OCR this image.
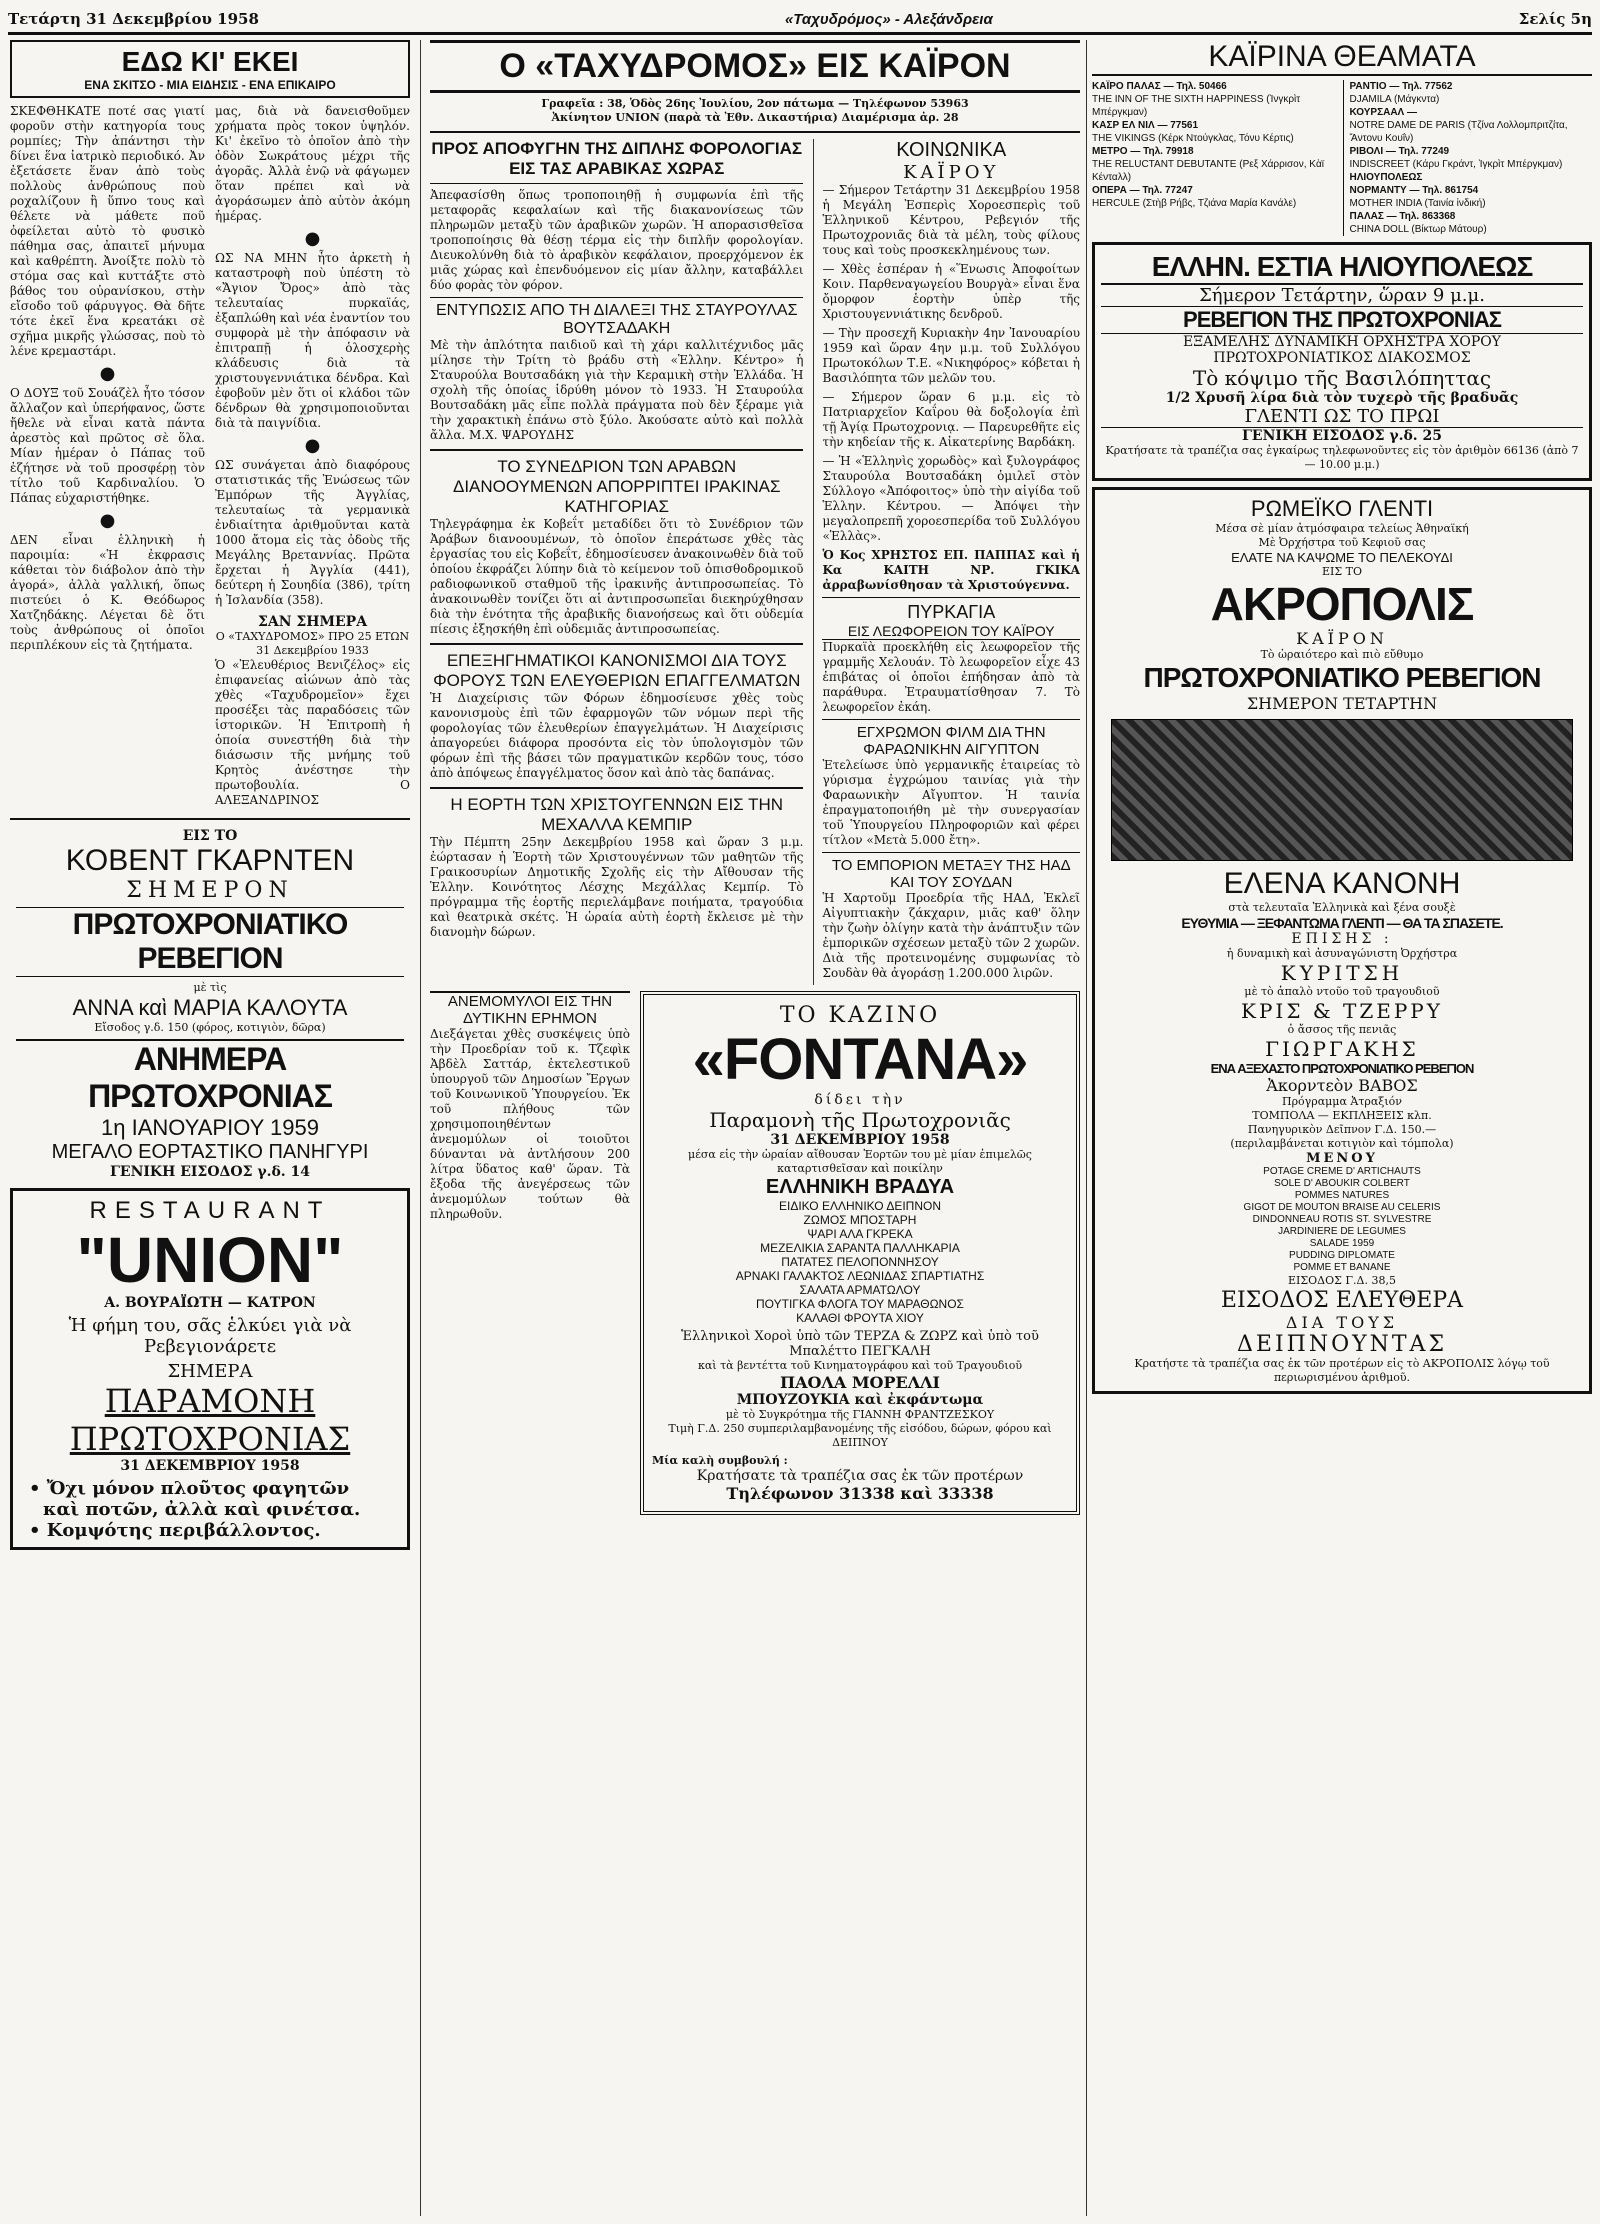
Τετάρτη 31 Δεκεμβρίου 1958	«Ταχυδρόμος» - Αλεξάνδρεια	Σελίς 5η
ΕΔΩ ΚΙ' ΕΚΕΙ
ΕΝΑ ΣΚΙΤΣΟ - ΜΙΑ ΕΙΔΗΣΙΣ - ΕΝΑ ΕΠΙΚΑΙΡΟ

ΣΚΕΦΘΗΚΑΤΕ ποτέ σας γιατί φοροῦν στὴν κατηγορία τους ρομπίες; Τὴν ἀπάντησι τὴν δίνει ἕνα ἰατρικὸ περιοδικό. Ἀν ἐξετάσετε ἕναν ἀπὸ τοὺς πολλοὺς ἀνθρώπους ποὺ ροχαλίζουν ἢ ὕπνο τους καὶ θέλετε νὰ μάθετε ποῦ ὀφείλεται αὐτὸ τὸ φυσικὸ πάθημα σας, ἀπαιτεῖ μήνυμα καὶ καθρέπτη. Ἀνοίξτε πολὺ τὸ στόμα σας καὶ κυττάξτε στὸ βάθος του οὐρανίσκου, στὴν εἴσοδο τοῦ φάρυγγος. Θὰ δῆτε τότε ἐκεῖ ἕνα κρεατάκι σὲ σχῆμα μικρῆς γλώσσας, ποὺ τὸ λένε κρεμαστάρι.

●

Ο ΔΟΥΞ τοῦ Σουάζὲλ ἦτο τόσον ἄλλαζον καὶ ὑπερήφανος, ὥστε ἤθελε νὰ εἶναι κατὰ πάντα ἀρεστὸς καὶ πρῶτος σὲ ὅλα. Μίαν ἡμέραν ὁ Πάπας τοῦ ἐζήτησε νὰ τοῦ προσφέρῃ τὸν τίτλο τοῦ Καρδιναλίου. Ὁ Πάπας εὐχαριστήθηκε.

●

ΔΕΝ εἶναι ἑλληνικὴ ἡ παροιμία: «Ἡ ἐκφρασις κάθεται τὸν διάβολον ἀπὸ τὴν ἀγορά», ἀλλὰ γαλλική, ὅπως πιστεύει ὁ Κ. Θεόδωρος Χατζηδάκης. Λέγεται δὲ ὅτι τοὺς ἀνθρώπους οἱ ὁποῖοι περιπλέκουν εἰς τὰ ζητήματα.

μας, διὰ νὰ δανεισθοῦμεν χρήματα πρὸς τοκον ὑψηλόν. Κι' ἐκεῖνο τὸ ὁποῖον ἀπὸ τὴν ὁδὸν Σωκράτους μέχρι τῆς ἀγορᾶς. Ἀλλὰ ἐνῷ νὰ φάγωμεν ὅταν πρέπει καὶ νὰ ἀγοράσωμεν ἀπὸ αὐτὸν ἀκόμη ἡμέρας.

●

ΩΣ ΝΑ ΜΗΝ ἦτο ἀρκετὴ ἡ καταστροφὴ ποὺ ὑπέστη τὸ «Ἄγιον Ὄρος» ἀπὸ τὰς τελευταίας πυρκαϊάς, ἐξαπλώθη καὶ νέα ἐναντίον του συμφορὰ μὲ τὴν ἀπόφασιν νὰ ἐπιτραπῇ ἡ ὁλοσχερὴς κλάδευσις διὰ τὰ χριστουγεννιάτικα δένδρα. Καὶ ἐφοβοῦν μὲν ὅτι οἱ κλάδοι τῶν δένδρων θὰ χρησιμοποιοῦνται διὰ τὰ παιγνίδια.

●

ΩΣ συνάγεται ἀπὸ διαφόρους στατιστικάς τῆς Ἐνώσεως τῶν Ἐμπόρων τῆς Ἀγγλίας, τελευταίως τὰ γερμανικὰ ἐνδιαίτητα ἀριθμοῦνται κατὰ 1000 ἄτομα εἰς τὰς ὀδοὺς τῆς Μεγάλης Βρεταννίας. Πρῶτα ἔρχεται ἡ Ἀγγλία (441), δεύτερη ἡ Σουηδία (386), τρίτη ἡ Ἰσλανδία (358).

ΣΑΝ ΣΗΜΕΡΑ
Ο «ΤΑΧΥΔΡΟΜΟΣ» ΠΡΟ 25 ΕΤΩΝ
31 Δεκεμβρίου 1933

Ὁ «Ἐλευθέριος Βενιζέλος» εἰς ἐπιφανείας αἰώνων ἀπὸ τὰς χθὲς «Ταχυδρομεῖον» ἔχει προσέξει τὰς παραδόσεις τῶν ἱστορικῶν. Ἡ Ἐπιτροπὴ ἡ ὁποία συνεστήθη διὰ τὴν διάσωσιν τῆς μνήμης τοῦ Κρητὸς ἀνέστησε τὴν πρωτοβουλία. Ο ΑΛΕΞΑΝΔΡΙΝΟΣ

ΕΙΣ ΤΟ
ΚΟΒΕΝΤ ΓΚΑΡΝΤΕΝ
ΣΗΜΕΡΟΝ
ΠΡΩΤΟΧΡΟΝΙΑΤΙΚΟ ΡΕΒΕΓΙΟΝ
μὲ τὶς
ΑΝΝΑ καὶ ΜΑΡΙΑ ΚΑΛΟΥΤΑ
Εἴσοδος γ.δ. 150 (φόρος, κοτιγιὸν, δῶρα)
ΑΝΗΜΕΡΑ ΠΡΩΤΟΧΡΟΝΙΑΣ
1η ΙΑΝΟΥΑΡΙΟΥ 1959
ΜΕΓΑΛΟ ΕΟΡΤΑΣΤΙΚΟ ΠΑΝΗΓΥΡΙ
ΓΕΝΙΚΗ ΕΙΣΟΔΟΣ γ.δ. 14
RESTAURANT
"UNION"
Α. ΒΟΥΡΑΪΩΤΗ — ΚΑΤΡΟΝ
Ἡ φήμη του, σᾶς ἑλκύει γιὰ νὰ Ρεβεγιονάρετε
ΣΗΜΕΡΑ
ΠΑΡΑΜΟΝΗ
ΠΡΩΤΟΧΡΟΝΙΑΣ
31 ΔΕΚΕΜΒΡΙΟΥ 1958
• Ὄχι μόνον πλοῦτος φαγητῶν
καὶ ποτῶν, ἀλλὰ καὶ φινέτσα.
• Κομψότης περιβάλλοντος.
Ο «ΤΑΧΥΔΡΟΜΟΣ» ΕΙΣ ΚΑΪΡΟΝ
Γραφεῖα : 38, Ὁδὸς 26ης Ἰουλίου, 2ον πάτωμα — Τηλέφωνον 53963
Ἀκίνητον UNION (παρὰ τὰ Ἐθν. Δικαστήρια) Διαμέρισμα ἀρ. 28
ΠΡΟΣ ΑΠΟΦΥΓΗΝ ΤΗΣ ΔΙΠΛΗΣ ΦΟΡΟΛΟΓΙΑΣ ΕΙΣ ΤΑΣ ΑΡΑΒΙΚΑΣ ΧΩΡΑΣ

Ἀπεφασίσθη ὅπως τροποποιηθῇ ἡ συμφωνία ἐπὶ τῆς μεταφορᾶς κεφαλαίων καὶ τῆς διακανονίσεως τῶν πληρωμῶν μεταξὺ τῶν ἀραβικῶν χωρῶν. Ἡ απορασισθεῖσα τροποποίησις θὰ θέσῃ τέρμα εἰς τὴν διπλῆν φορολογίαν. Διευκολύνθη διὰ τὸ ἀραβικὸν κεφάλαιον, προερχόμενον ἐκ μιᾶς χώρας καὶ ἐπενδυόμενον εἰς μίαν ἄλλην, καταβάλλει δύο φορὰς τὸν φόρον.

ΕΝΤΥΠΩΣΙΣ ΑΠΟ ΤΗ ΔΙΑΛΕΞΙ ΤΗΣ ΣΤΑΥΡΟΥΛΑΣ ΒΟΥΤΣΑΔΑΚΗ

Μὲ τὴν ἀπλότητα παιδιοῦ καὶ τὴ χάρι καλλιτέχνιδος μᾶς μίλησε τὴν Τρίτη τὸ βράδυ στὴ «Ἑλλην. Κέντρο» ἡ Σταυρούλα Βουτσαδάκη γιὰ τὴν Κεραμικὴ στὴν Ἑλλάδα. Ἡ σχολὴ τῆς ὁποίας ἱδρύθη μόνον τὸ 1933. Ἡ Σταυρούλα Βουτσαδάκη μᾶς εἶπε πολλὰ πράγματα ποὺ δὲν ξέραμε γιὰ τὴν χαρακτικὴ ἐπάνω στὸ ξύλο. Ἀκούσατε αὐτὸ καὶ πολλὰ ἄλλα. Μ.Χ. ΨΑΡΟΥΔΗΣ

ΤΟ ΣΥΝΕΔΡΙΟΝ ΤΩΝ ΑΡΑΒΩΝ ΔΙΑΝΟΟΥΜΕΝΩΝ ΑΠΟΡΡΙΠΤΕΙ ΙΡΑΚΙΝΑΣ ΚΑΤΗΓΟΡΙΑΣ

Τηλεγράφημα ἐκ Κοβεΐτ μεταδίδει ὅτι τὸ Συνέδριον τῶν Ἀράβων διανοουμένων, τὸ ὁποῖον ἐπεράτωσε χθὲς τὰς ἐργασίας του εἰς Κοβεΐτ, ἐδημοσίευσεν ἀνακοινωθὲν διὰ τοῦ ὁποίου ἐκφράζει λύπην διὰ τὸ κείμενον τοῦ ὀπισθοδρομικοῦ ραδιοφωνικοῦ σταθμοῦ τῆς ἰρακινῆς ἀντιπροσωπείας. Τὸ ἀνακοινωθὲν τονίζει ὅτι αἱ ἀντιπροσωπεῖαι διεκηρύχθησαν διὰ τὴν ἑνότητα τῆς ἀραβικῆς διανοήσεως καὶ ὅτι οὐδεμία πίεσις ἐξησκήθη ἐπὶ οὐδεμιᾶς ἀντιπροσωπείας.

ΕΠΕΞΗΓΗΜΑΤΙΚΟΙ ΚΑΝΟΝΙΣΜΟΙ ΔΙΑ ΤΟΥΣ ΦΟΡΟΥΣ ΤΩΝ ΕΛΕΥΘΕΡΙΩΝ ΕΠΑΓΓΕΛΜΑΤΩΝ

Ἡ Διαχείρισις τῶν Φόρων ἐδημοσίευσε χθὲς τοὺς κανονισμοὺς ἐπὶ τῶν ἐφαρμογῶν τῶν νόμων περὶ τῆς φορολογίας τῶν ἐλευθερίων ἐπαγγελμάτων. Ἡ Διαχείρισις ἀπαγορεύει διάφορα προσόντα εἰς τὸν ὑπολογισμὸν τῶν φόρων ἐπὶ τῆς βάσει τῶν πραγματικῶν κερδῶν τους, τόσο ἀπὸ ἀπόψεως ἐπαγγέλματος ὅσον καὶ ἀπὸ τὰς δαπάνας.

Η ΕΟΡΤΗ ΤΩΝ ΧΡΙΣΤΟΥΓΕΝΝΩΝ ΕΙΣ ΤΗΝ ΜΕΧΑΛΛΑ ΚΕΜΠΙΡ

Τὴν Πέμπτη 25ην Δεκεμβρίου 1958 καὶ ὥραν 3 μ.μ. ἐώρτασαν ἡ Ἑορτὴ τῶν Χριστουγέννων τῶν μαθητῶν τῆς Γραικοσυρίων Δημοτικῆς Σχολῆς εἰς τὴν Αἴθουσαν τῆς Ἑλλην. Κοινότητος Λέσχης Μεχάλλας Κεμπίρ. Τὸ πρόγραμμα τῆς ἑορτῆς περιελάμβανε ποιήματα, τραγούδια καὶ θεατρικὰ σκέτς. Ἡ ὡραία αὐτὴ ἑορτὴ ἔκλεισε μὲ τὴν διανομὴν δώρων.

ΚΟΙΝΩΝΙΚΑ
ΚΑΪΡΟΥ

— Σήμερον Τετάρτην 31 Δεκεμβρίου 1958 ἡ Μεγάλη Ἐσπερὶς Χοροεσπερὶς τοῦ Ἑλληνικοῦ Κέντρου, Ρεβεγιόν τῆς Πρωτοχρονιᾶς διὰ τὰ μέλη, τοὺς φίλους τους καὶ τοὺς προσκεκλημένους των.

— Χθὲς ἑσπέραν ἡ «Ἕνωσις Ἀποφοίτων Κοιν. Παρθεναγωγείου Βουργὰ» εἶναι ἕνα ὄμορφον ἑορτὴν ὑπὲρ τῆς Χριστουγεννιάτικης δενδροῦ.

— Τὴν προσεχῆ Κυριακὴν 4ην Ἰανουαρίου 1959 καὶ ὥραν 4ην μ.μ. τοῦ Συλλόγου Πρωτοκόλων Τ.Ε. «Νικηφόρος» κόβεται ἡ Βασιλόπητα τῶν μελῶν του.

— Σήμερον ὥραν 6 μ.μ. εἰς τὸ Πατριαρχεῖον Καΐρου θὰ δοξολογία ἐπὶ τῇ Ἁγίᾳ Πρωτοχρονιᾳ. — Παρευρεθῆτε εἰς τὴν κηδείαν τῆς κ. Αἰκατερίνης Βαρδάκη.

— Ἡ «Ἑλληνὶς χορωδὸς» καὶ ξυλογράφος Σταυρούλα Βουτσαδάκη ὁμιλεῖ στὸν Σύλλογο «Ἀπόφοιτος» ὑπὸ τὴν αἰγίδα τοῦ Ἑλλην. Κέντρου. — Ἀπόψει τὴν μεγαλοπρεπῆ χοροεσπερίδα τοῦ Συλλόγου «Ἑλλὰς».

Ὁ Κος ΧΡΗΣΤΟΣ ΕΠ. ΠΑΠΠΑΣ καὶ ἡ Κα ΚΑΙΤΗ ΝΡ. ΓΚΙΚΑ ἀρραβωνίσθησαν τὰ Χριστούγεννα.

ΠΥΡΚΑΓΙΑ
ΕΙΣ ΛΕΩΦΟΡΕΙΟΝ ΤΟΥ ΚΑΪΡΟΥ

Πυρκαϊὰ προεκλήθη εἰς λεωφορεῖον τῆς γραμμῆς Χελουάν. Τὸ λεωφορεῖον εἶχε 43 ἐπιβάτας οἱ ὁποῖοι ἐπήδησαν ἀπὸ τὰ παράθυρα. Ἐτραυματίσθησαν 7. Τὸ λεωφορεῖον ἐκάη.

ΕΓΧΡΩΜΟΝ ΦΙΛΜ ΔΙΑ ΤΗΝ ΦΑΡΑΩΝΙΚΗΝ ΑΙΓΥΠΤΟΝ

Ἐτελείωσε ὑπὸ γερμανικῆς ἑταιρείας τὸ γύρισμα ἐγχρώμου ταινίας γιὰ τὴν Φαραωνικὴν Αἴγυπτον. Ἡ ταινία ἐπραγματοποιήθη μὲ τὴν συνεργασίαν τοῦ Ὑπουργείου Πληροφοριῶν καὶ φέρει τίτλον «Μετὰ 5.000 ἔτη».

ΤΟ ΕΜΠΟΡΙΟΝ ΜΕΤΑΞΥ ΤΗΣ ΗΑΔ ΚΑΙ ΤΟΥ ΣΟΥΔΑΝ

Ἡ Χαρτοῦμ Προεδρία τῆς ΗΑΔ, Ἐκλεῖ Αἰγυπτιακὴν ζάκχαριν, μιᾶς καθ' ὅλην τὴν ζωὴν ὀλίγην κατὰ τὴν ἀνάπτυξιν τῶν ἐμπορικῶν σχέσεων μεταξὺ τῶν 2 χωρῶν. Διὰ τῆς προτεινομένης συμφωνίας τὸ Σουδὰν θὰ ἀγοράσῃ 1.200.000 λιρῶν.

ΑΝΕΜΟΜΥΛΟΙ ΕΙΣ ΤΗΝ ΔΥΤΙΚΗΝ ΕΡΗΜΟΝ

Διεξάγεται χθὲς συσκέψεις ὑπὸ τὴν Προεδρίαν τοῦ κ. Τζεφὶκ Ἀβδὲλ Σαττάρ, ἐκτελεστικοῦ ὑπουργοῦ τῶν Δημοσίων Ἔργων τοῦ Κοινωνικοῦ Ὑπουργείου. Ἐκ τοῦ πλήθους τῶν χρησιμοποιηθέντων ἀνεμομύλων οἱ τοιοῦτοι δύνανται νὰ ἀντλήσουν 200 λίτρα ὕδατος καθ' ὥραν. Τὰ ἔξοδα τῆς ἀνεγέρσεως τῶν ἀνεμομύλων τούτων θὰ πληρωθοῦν.

ΤΟ ΚΑΖΙΝΟ
«FONTANA»
δίδει τὴν
Παραμονὴ τῆς Πρωτοχρονιᾶς
31 ΔΕΚΕΜΒΡΙΟΥ 1958
μέσα εἰς τὴν ὡραίαν αἴθουσαν Ἑορτῶν του μὲ μίαν ἐπιμελῶς καταρτισθεῖσαν καὶ ποικίλην
ΕΛΛΗΝΙΚΗ ΒΡΑΔΥΑ
ΕΙΔΙΚΟ ΕΛΛΗΝΙΚΟ ΔΕΙΠΝΟΝ
ΖΩΜΟΣ ΜΠΟΣΤΑΡΗ
ΨΑΡΙ ΑΛΑ ΓΚΡΕΚΑ
ΜΕΖΕΛΙΚΙΑ ΣΑΡΑΝΤΑ ΠΑΛΛΗΚΑΡΙΑ
ΠΑΤΑΤΕΣ ΠΕΛΟΠΟΝΝΗΣΟΥ
ΑΡΝΑΚΙ ΓΑΛΑΚΤΟΣ ΛΕΩΝΙΔΑΣ ΣΠΑΡΤΙΑΤΗΣ
ΣΑΛΑΤΑ ΑΡΜΑΤΩΛΟΥ
ΠΟΥΤΙΓΚΑ ΦΛΟΓΑ ΤΟΥ ΜΑΡΑΘΩΝΟΣ
ΚΑΛΑΘΙ ΦΡΟΥΤΑ ΧΙΟΥ
Ἑλληνικοὶ Χοροὶ ὑπὸ τῶν ΤΕΡΖΑ & ΖΩΡΖ καὶ ὑπὸ τοῦ Μπαλέττο ΠΕΓΚΑΛΗ
καὶ τὰ βεντέττα τοῦ Κινηματογράφου καὶ τοῦ Τραγουδιοῦ
ΠΑΟΛΑ ΜΟΡΕΛΛΙ
ΜΠΟΥΖΟΥΚΙΑ καὶ ἐκφάντωμα
μὲ τὸ Συγκρότημα τῆς ΓΙΑΝΝΗ ΦΡΑΝΤΖΕΣΚΟΥ
Τιμὴ Γ.Δ. 250 συμπεριλαμβανομένης τῆς εἰσόδου, δώρων, φόρου καὶ ΔΕΙΠΝΟΥ
Μία καλὴ συμβουλή :
Κρατήσατε τὰ τραπέζια σας ἐκ τῶν προτέρων
Τηλέφωνον 31338 καὶ 33338
ΚΑΪΡΙΝΑ ΘΕΑΜΑΤΑ
ΚΑΪΡΟ ΠΑΛΑΣ — Τηλ. 50466
THE INN OF THE SIXTH HAPPINESS (Ἰνγκρὶτ Μπέργκμαν)
ΚΑΣΡ ΕΛ ΝΙΛ — 77561
THE VIKINGS (Κέρκ Ντούγκλας, Τόνυ Κέρτις)
ΜΕΤΡΟ — Τηλ. 79918
THE RELUCTANT DEBUTANTE (Ρεξ Χάρρισον, Κὰϊ Κένταλλ)
ΟΠΕΡΑ — Τηλ. 77247
HERCULE (Στὴβ Ρήβς, Τζιάνα Μαρία Κανάλε)
ΡΑΝΤΙΟ — Τηλ. 77562
DJAMILA (Μάγκντα)
ΚΟΥΡΣΑΑΛ —
NOTRE DAME DE PARIS (Τζίνα Λολλομπριτζίτα, Ἄντονυ Κουΐν)
ΡΙΒΟΛΙ — Τηλ. 77249
INDISCREET (Κάρυ Γκράντ, Ἰγκρὶτ Μπέργκμαν)
ΗΛΙΟΥΠΟΛΕΩΣ
ΝΟΡΜΑΝΤΥ — Τηλ. 861754
MOTHER INDIA (Ταινία ἰνδική)
ΠΑΛΑΣ — Τηλ. 863368
CHINA DOLL (Βίκτωρ Μάτουρ)
ΕΛΛΗΝ. ΕΣΤΙΑ ΗΛΙΟΥΠΟΛΕΩΣ
Σήμερον Τετάρτην, ὥραν 9 μ.μ.
ΡΕΒΕΓΙΟΝ ΤΗΣ ΠΡΩΤΟΧΡΟΝΙΑΣ
ΕΞΑΜΕΛΗΣ ΔΥΝΑΜΙΚΗ ΟΡΧΗΣΤΡΑ ΧΟΡΟΥ
ΠΡΩΤΟΧΡΟΝΙΑΤΙΚΟΣ ΔΙΑΚΟΣΜΟΣ
Τὸ κόψιμο τῆς Βασιλόπηττας
1/2 Χρυσῆ λίρα διὰ τὸν τυχερὸ τῆς βραδυᾶς
ΓΛΕΝΤΙ ΩΣ ΤΟ ΠΡΩΙ
ΓΕΝΙΚΗ ΕΙΣΟΔΟΣ γ.δ. 25
Κρατήσατε τὰ τραπέζια σας ἐγκαίρως τηλεφωνοῦντες εἰς τὸν ἀριθμὸν 66136 (ἀπὸ 7 — 10.00 μ.μ.)
ΡΩΜΕΪΚΟ ΓΛΕΝΤΙ
Μέσα σὲ μίαν ἀτμόσφαιρα τελείως Ἀθηναϊκή
Μὲ Ὀρχήστρα τοῦ Κεφιοῦ σας
ΕΛΑΤΕ ΝΑ ΚΑΨΩΜΕ ΤΟ ΠΕΛΕΚΟΥΔΙ
ΕΙΣ ΤΟ
ΑΚΡΟΠΟΛΙΣ
ΚΑΪΡΟΝ
Τὸ ὡραιότερο καὶ πιὸ εὔθυμο
ΠΡΩΤΟΧΡΟΝΙΑΤΙΚΟ ΡΕΒΕΓΙΟΝ
ΣΗΜΕΡΟΝ ΤΕΤΑΡΤΗΝ
ΕΛΕΝΑ ΚΑΝΟΝΗ
στὰ τελευταῖα Ἑλληνικὰ καὶ ξένα σουξὲ
ΕΥΘΥΜΙΑ — ΞΕΦΑΝΤΩΜΑ ΓΛΕΝΤΙ — ΘΑ ΤΑ ΣΠΑΣΕΤΕ.
ΕΠΙΣΗΣ :
ἡ δυναμικὴ καὶ ἀσυναγώνιστη Ὀρχήστρα
ΚΥΡΙΤΣΗ
μὲ τὸ ἁπαλὸ ντοῦο τοῦ τραγουδιοῦ
ΚΡΙΣ & ΤΖΕΡΡΥ
ὁ ἄσσος τῆς πενιᾶς
ΓΙΩΡΓΑΚΗΣ
ΕΝΑ ΑΞΕΧΑΣΤΟ ΠΡΩΤΟΧΡΟΝΙΑΤΙΚΟ ΡΕΒΕΓΙΟΝ
Ἀκορντεὸν ΒΑΒΟΣ
Πρόγραμμα Ἀτραξιόν
ΤΟΜΠΟΛΑ — ΕΚΠΛΗΞΕΙΣ κλπ.
Πανηγυρικὸν Δεῖπνον Γ.Δ. 150.—
(περιλαμβάνεται κοτιγιὸν καὶ τόμπολα)
ΜΕΝΟΥ
POTAGE CREME D' ARTICHAUTS
SOLE D' ABOUKIR COLBERT
POMMES NATURES
GIGOT DE MOUTON BRAISE AU CELERIS
DINDONNEAU ROTIS ST. SYLVESTRE
JARDINIERE DE LEGUMES
SALADE 1959
PUDDING DIPLOMATE
POMME ET BANANE
ΕΙΣΟΔΟΣ Γ.Δ. 38,5
ΕΙΣΟΔΟΣ ΕΛΕΥΘΕΡΑ
ΔΙΑ ΤΟΥΣ
ΔΕΙΠΝΟΥΝΤΑΣ
Κρατήστε τὰ τραπέζια σας ἐκ τῶν προτέρων εἰς τὸ ΑΚΡΟΠΟΛΙΣ λόγῳ τοῦ περιωρισμένου ἀριθμοῦ.
